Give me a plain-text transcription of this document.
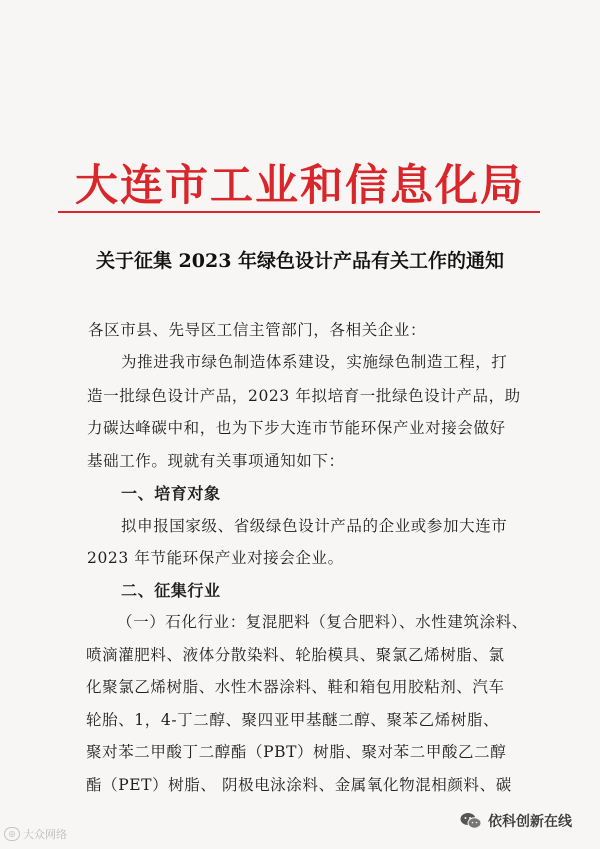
大连市工业和信息化局
关于征集 2023 年绿色设计产品有关工作的通知
各区市县、先导区工信主管部门，各相关企业：
为推进我市绿色制造体系建设，实施绿色制造工程，打
造一批绿色设计产品，2023 年拟培育一批绿色设计产品，助
力碳达峰碳中和，也为下步大连市节能环保产业对接会做好
基础工作。现就有关事项通知如下：
一、培育对象
拟申报国家级、省级绿色设计产品的企业或参加大连市
2023 年节能环保产业对接会企业。
二、征集行业
（一）石化行业：复混肥料（复合肥料）、水性建筑涂料、
喷滴灌肥料、液体分散染料、轮胎模具、聚氯乙烯树脂、氯
化聚氯乙烯树脂、水性木器涂料、鞋和箱包用胶粘剂、汽车
轮胎、1，4-丁二醇、聚四亚甲基醚二醇、聚苯乙烯树脂、
聚对苯二甲酸丁二醇酯（PBT）树脂、聚对苯二甲酸乙二醇
酯（PET）树脂、 阴极电泳涂料、金属氧化物混相颜料、碳
◎ 大众网络
依科创新在线
